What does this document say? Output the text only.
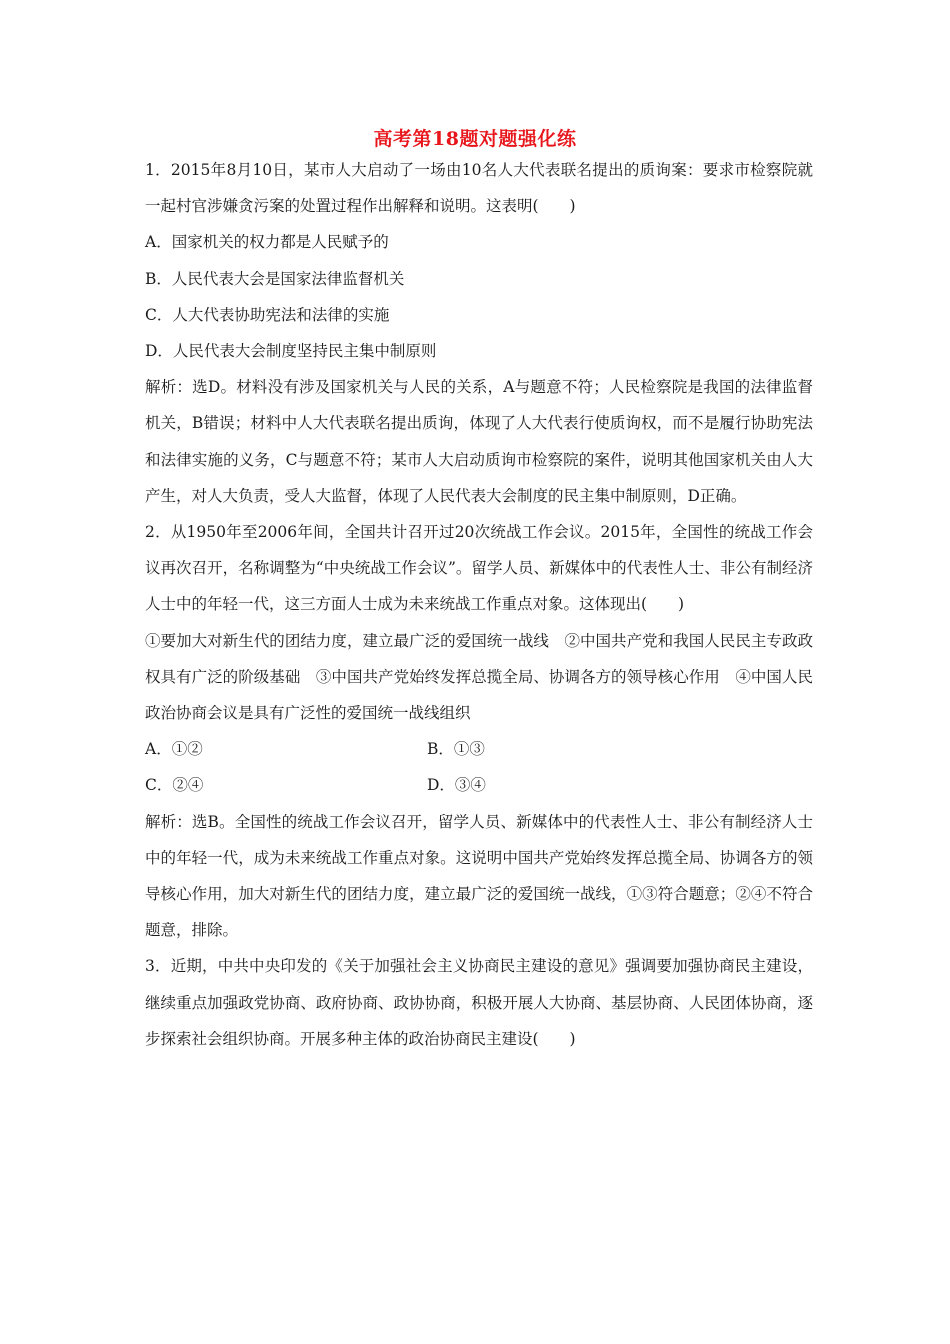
高考第18题对题强化练

1．2015年8月10日，某市人大启动了一场由10名人大代表联名提出的质询案：要求市检察院就一起村官涉嫌贪污案的处置过程作出解释和说明。这表明(　　)

A．国家机关的权力都是人民赋予的

B．人民代表大会是国家法律监督机关

C．人大代表协助宪法和法律的实施

D．人民代表大会制度坚持民主集中制原则

解析：选D。材料没有涉及国家机关与人民的关系，A与题意不符；人民检察院是我国的法律监督机关，B错误；材料中人大代表联名提出质询，体现了人大代表行使质询权，而不是履行协助宪法和法律实施的义务，C与题意不符；某市人大启动质询市检察院的案件，说明其他国家机关由人大产生，对人大负责，受人大监督，体现了人民代表大会制度的民主集中制原则，D正确。

2．从1950年至2006年间，全国共计召开过20次统战工作会议。2015年，全国性的统战工作会议再次召开，名称调整为“中央统战工作会议”。留学人员、新媒体中的代表性人士、非公有制经济人士中的年轻一代，这三方面人士成为未来统战工作重点对象。这体现出(　　)

①要加大对新生代的团结力度，建立最广泛的爱国统一战线　②中国共产党和我国人民民主专政政权具有广泛的阶级基础　③中国共产党始终发挥总揽全局、协调各方的领导核心作用　④中国人民政治协商会议是具有广泛性的爱国统一战线组织

A．①②	B．①③
C．②④	D．③④

解析：选B。全国性的统战工作会议召开，留学人员、新媒体中的代表性人士、非公有制经济人士中的年轻一代，成为未来统战工作重点对象。这说明中国共产党始终发挥总揽全局、协调各方的领导核心作用，加大对新生代的团结力度，建立最广泛的爱国统一战线，①③符合题意；②④不符合题意，排除。

3．近期，中共中央印发的《关于加强社会主义协商民主建设的意见》强调要加强协商民主建设，继续重点加强政党协商、政府协商、政协协商，积极开展人大协商、基层协商、人民团体协商，逐步探索社会组织协商。开展多种主体的政治协商民主建设(　　)
